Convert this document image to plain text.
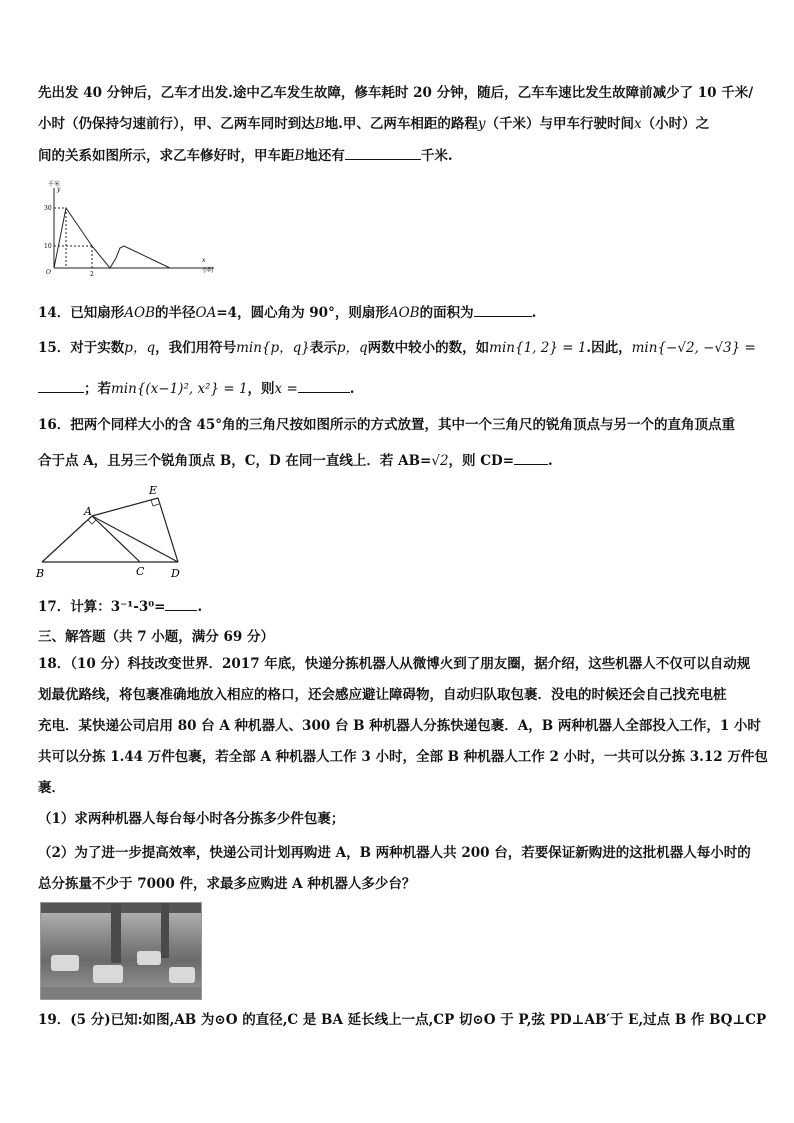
先出发 40 分钟后，乙车才出发.途中乙车发生故障，修车耗时 20 分钟，随后，乙车车速比发生故障前减少了 10 千米/
小时（仍保持匀速前行），甲、乙两车同时到达B地.甲、乙两车相距的路程y（千米）与甲车行驶时间x（小时）之
间的关系如图所示，求乙车修好时，甲车距B地还有	千米.
千米
y
30
10
O	2
x
小时
14．已知扇形AOB的半径OA=4，圆心角为 90°，则扇形AOB的面积为	.
15．对于实数p，q，我们用符号min{p，q}表示p，q两数中较小的数，如min{1, 2} = 1.因此，min{−√2, −√3} =
；若min{(x−1)², x²} = 1，则x =	.
16．把两个同样大小的含 45°角的三角尺按如图所示的方式放置，其中一个三角尺的锐角顶点与另一个的直角顶点重
合于点 A，且另三个锐角顶点 B，C，D 在同一直线上．若 AB=√2，则 CD=	.
A
B	C D
E
17．计算：3⁻¹-3⁰= .
三、解答题（共 7 小题，满分 69 分）
18．（10 分）科技改变世界．2017 年底，快递分拣机器人从微博火到了朋友圈，据介绍，这些机器人不仅可以自动规
划最优路线，将包裹准确地放入相应的格口，还会感应避让障碍物，自动归队取包裹．没电的时候还会自己找充电桩
充电．某快递公司启用 80 台 A 种机器人、300 台 B 种机器人分拣快递包裹．A，B 两种机器人全部投入工作，1 小时
共可以分拣 1.44 万件包裹，若全部 A 种机器人工作 3 小时，全部 B 种机器人工作 2 小时，一共可以分拣 3.12 万件包
裹．
（1）求两种机器人每台每小时各分拣多少件包裹；
（2）为了进一步提高效率，快递公司计划再购进 A，B 两种机器人共 200 台，若要保证新购进的这批机器人每小时的
总分拣量不少于 7000 件，求最多应购进 A 种机器人多少台？
19．(5 分)已知:如图,AB 为⊙O 的直径,C 是 BA 延长线上一点,CP 切⊙O 于 P,弦 PD⊥AB′于 E,过点 B 作 BQ⊥CP
